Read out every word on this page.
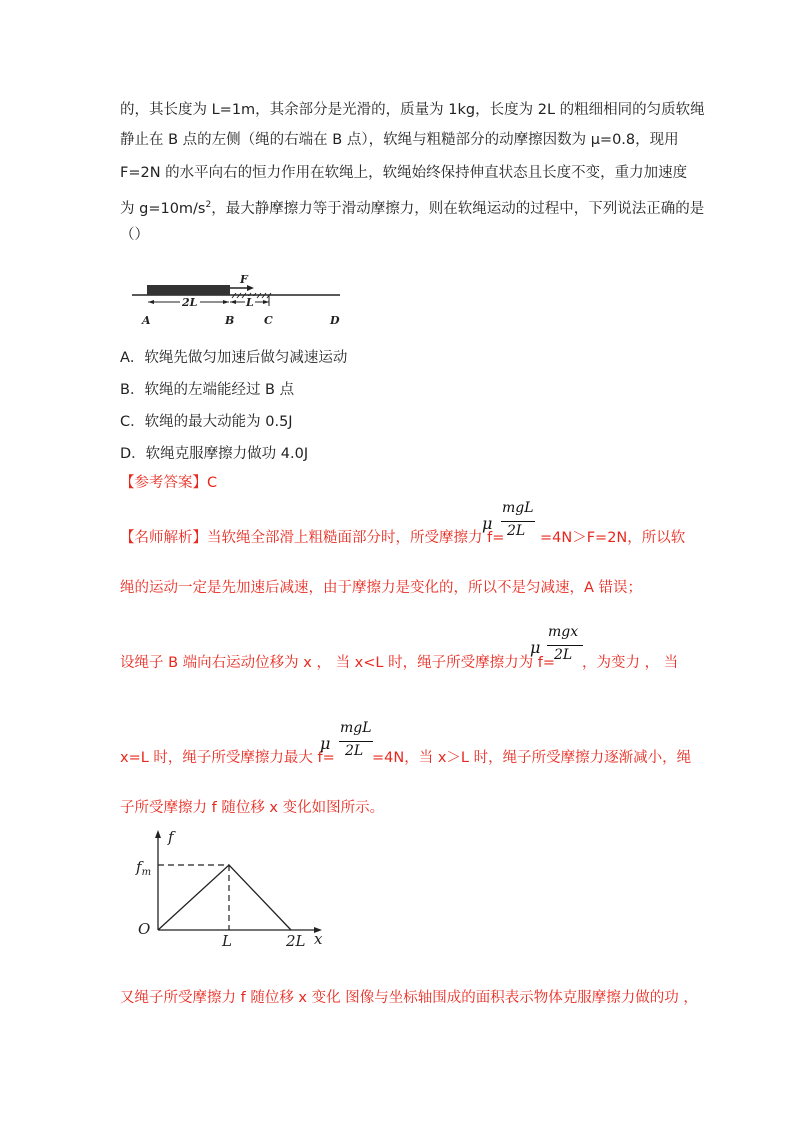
的，其长度为 L=1m，其余部分是光滑的，质量为 1kg，长度为 2L 的粗细相同的匀质软绳
静止在 B 点的左侧（绳的右端在 B 点），软绳与粗糙部分的动摩擦因数为 μ=0.8，现用
F=2N 的水平向右的恒力作用在软绳上，软绳始终保持伸直状态且长度不变，重力加速度
为 $g=10m/s^2$，最大静摩擦力等于滑动摩擦力，则在软绳运动的过程中，下列说法正确的是
（）
F
2L	L
A	B	C	D
A．软绳先做匀加速后做匀减速运动
B．软绳的左端能经过 B 点
C．软绳的最大动能为 0.5J
D．软绳克服摩擦力做功 4.0J
【参考答案】C
【名师解析】当软绳全部滑上粗糙面部分时，所受摩擦力 f=
μ
mgL
2L =4N＞F=2N，所以软
绳的运动一定是先加速后减速，由于摩擦力是变化的，所以不是匀减速，A 错误；
设绳子 B 端向右运动位移为 x ， 当 x<L 时，绳子所受摩擦力为 f=
μ
mgx
2L ，为变力 ， 当
x=L 时，绳子所受摩擦力最大 f=
μ
mgL
2L =4N，当 x＞L 时，绳子所受摩擦力逐渐减小，绳
子所受摩擦力 f 随位移 x 变化如图所示。
f
$f_m$
O
L	2L x
又绳子所受摩擦力 f 随位移 x 变化 图像与坐标轴围成的面积表示物体克服摩擦力做的功 ，
